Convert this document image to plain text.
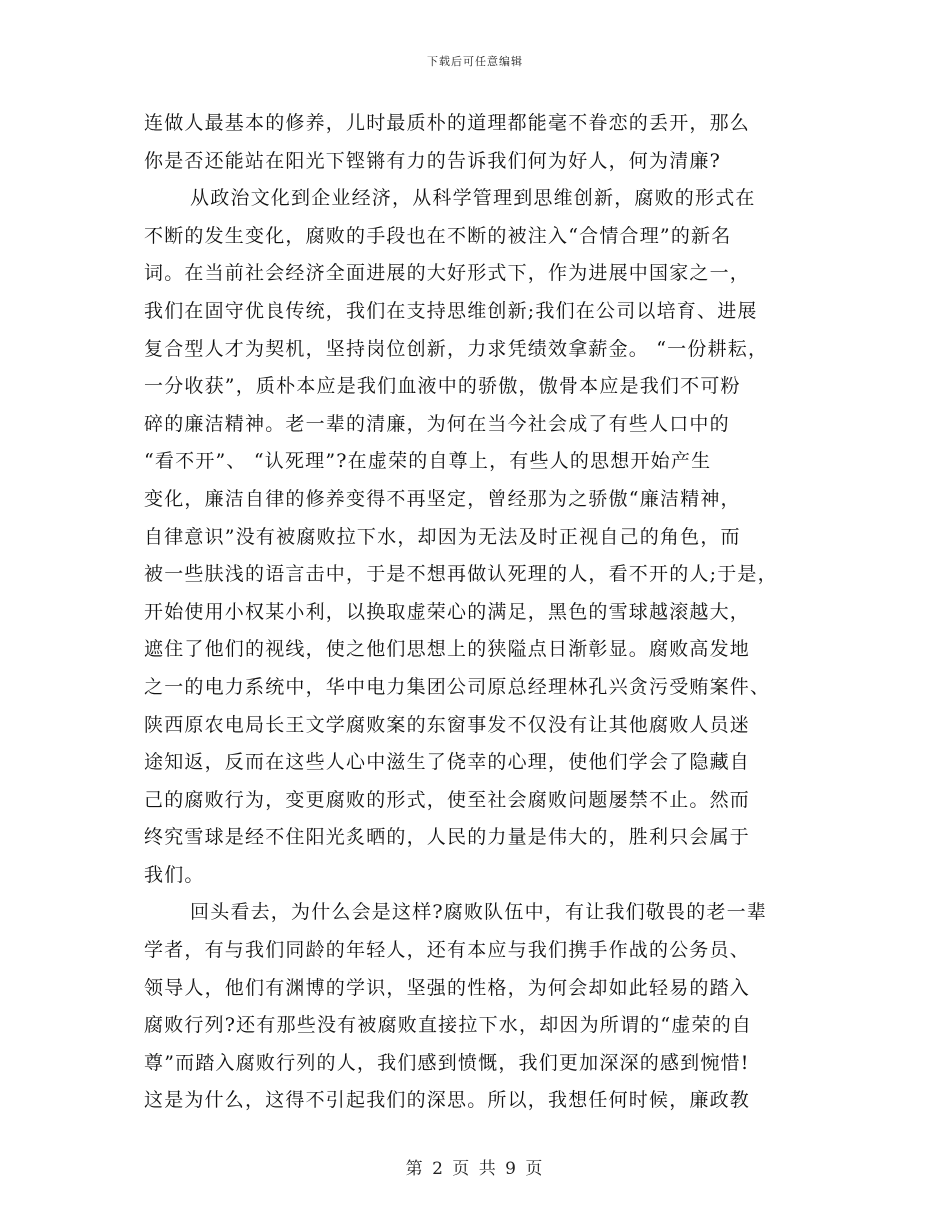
下载后可任意编辑
连做人最基本的修养，儿时最质朴的道理都能毫不眷恋的丢开，那么
你是否还能站在阳光下铿锵有力的告诉我们何为好人，何为清廉?
从政治文化到企业经济，从科学管理到思维创新，腐败的形式在
不断的发生变化，腐败的手段也在不断的被注入“合情合理”的新名
词。在当前社会经济全面进展的大好形式下，作为进展中国家之一，
我们在固守优良传统，我们在支持思维创新;我们在公司以培育、进展
复合型人才为契机，坚持岗位创新，力求凭绩效拿薪金。 “一份耕耘，
一分收获”，质朴本应是我们血液中的骄傲，傲骨本应是我们不可粉
碎的廉洁精神。老一辈的清廉，为何在当今社会成了有些人口中的
“看不开”、 “认死理”?在虚荣的自尊上，有些人的思想开始产生
变化，廉洁自律的修养变得不再坚定，曾经那为之骄傲“廉洁精神，
自律意识”没有被腐败拉下水，却因为无法及时正视自己的角色，而
被一些肤浅的语言击中，于是不想再做认死理的人，看不开的人;于是，
开始使用小权某小利，以换取虚荣心的满足，黑色的雪球越滚越大，
遮住了他们的视线，使之他们思想上的狭隘点日渐彰显。腐败高发地
之一的电力系统中，华中电力集团公司原总经理林孔兴贪污受贿案件、
陕西原农电局长王文学腐败案的东窗事发不仅没有让其他腐败人员迷
途知返，反而在这些人心中滋生了侥幸的心理，使他们学会了隐藏自
己的腐败行为，变更腐败的形式，使至社会腐败问题屡禁不止。然而
终究雪球是经不住阳光炙晒的，人民的力量是伟大的，胜利只会属于
我们。
回头看去，为什么会是这样?腐败队伍中，有让我们敬畏的老一辈
学者，有与我们同龄的年轻人，还有本应与我们携手作战的公务员、
领导人，他们有渊博的学识，坚强的性格，为何会却如此轻易的踏入
腐败行列?还有那些没有被腐败直接拉下水，却因为所谓的“虚荣的自
尊”而踏入腐败行列的人，我们感到愤慨，我们更加深深的感到惋惜!
这是为什么，这得不引起我们的深思。所以，我想任何时候，廉政教
第 2 页 共 9 页
